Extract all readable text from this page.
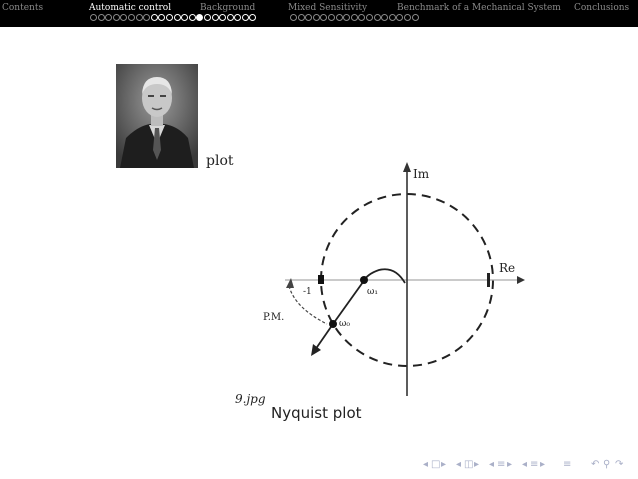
Contents	Automatic control	Background	Mixed Sensitivity	Benchmark of a Mechanical System Conclusions
plot
Im
Re
-1	ω₁
ω₀
P.M.
9.jpg
Nyquist plot
◂ □ ▸ ◂ ◫ ▸ ◂ ≡ ▸ ◂ ≡ ▸ ≡ ↶ ⚲ ↷
